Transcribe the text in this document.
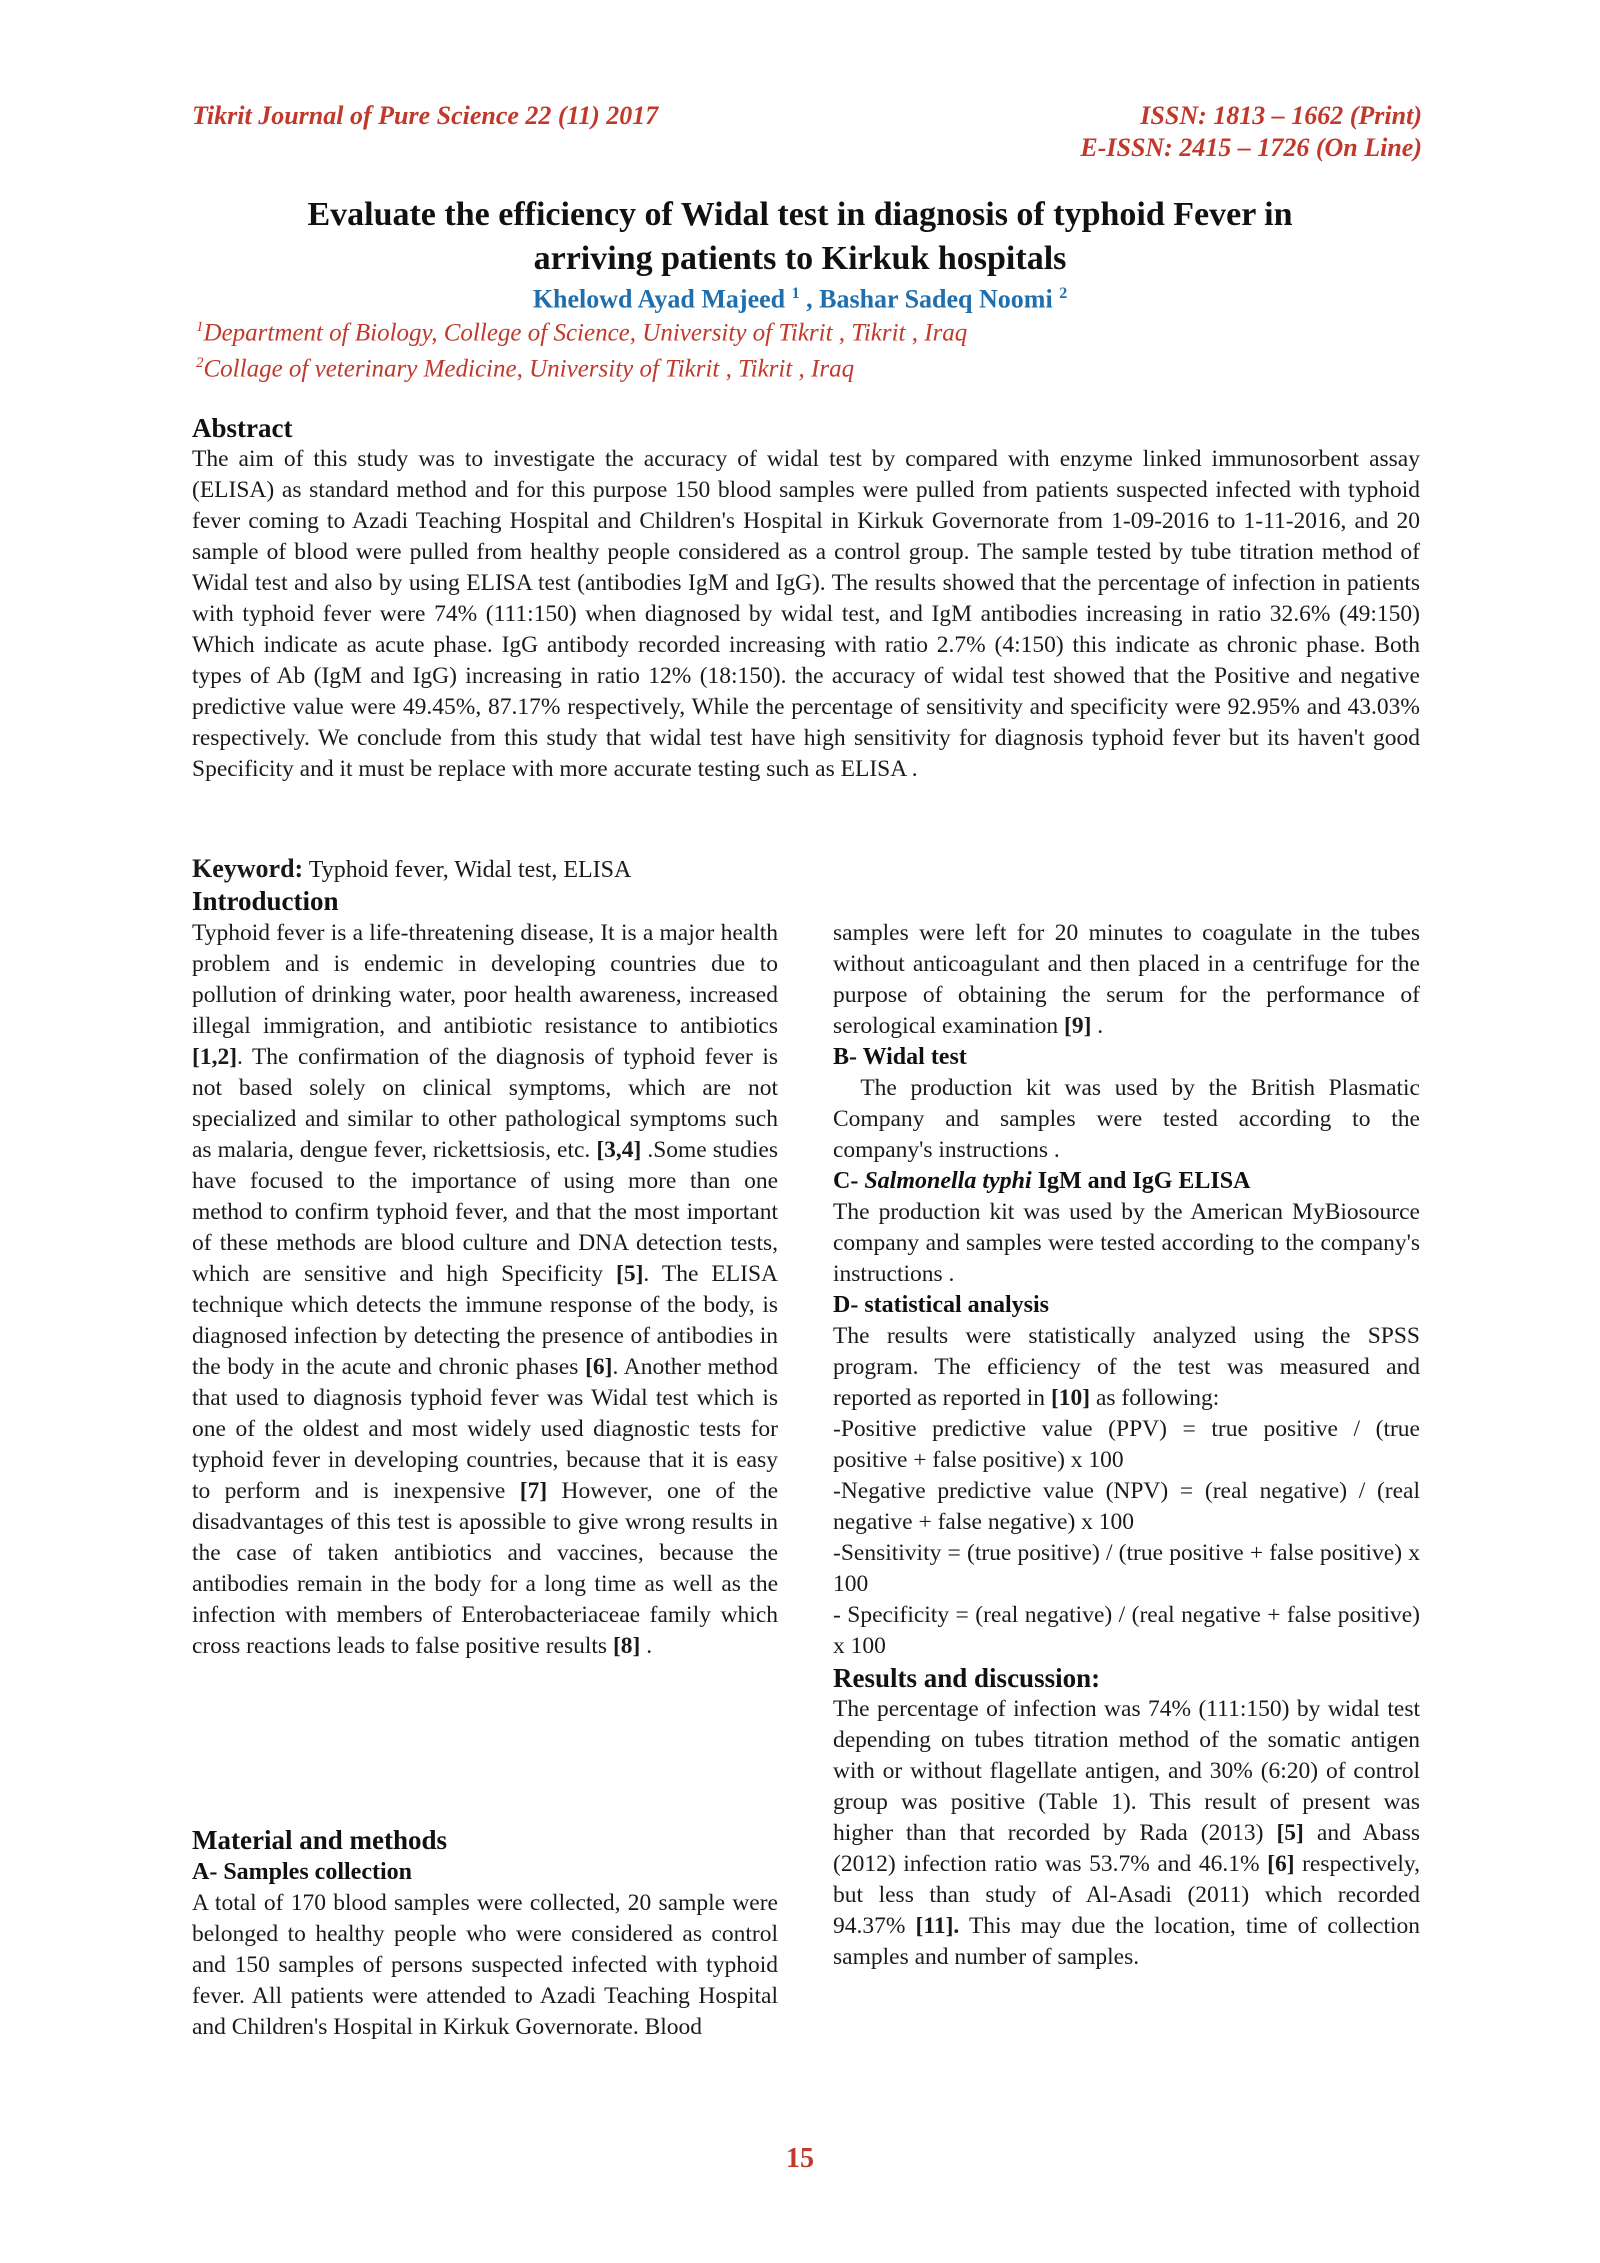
Tikrit Journal of Pure Science 22 (11) 2017	ISSN: 1813 – 1662 (Print)
E-ISSN: 2415 – 1726 (On Line)
Evaluate the efficiency of Widal test in diagnosis of typhoid Fever in
arriving patients to Kirkuk hospitals
Khelowd Ayad Majeed $^1$ , Bashar Sadeq Noomi $^2$
$^1$Department of Biology, College of Science, University of Tikrit , Tikrit , Iraq
$^2$Collage of veterinary Medicine, University of Tikrit , Tikrit , Iraq
Abstract

The aim of this study was to investigate the accuracy of widal test by compared with enzyme linked immunosorbent assay (ELISA) as standard method and for this purpose 150 blood samples were pulled from patients suspected infected with typhoid fever coming to Azadi Teaching Hospital and Children's Hospital in Kirkuk Governorate from 1-09-2016 to 1-11-2016, and 20 sample of blood were pulled from healthy people considered as a control group. The sample tested by tube titration method of Widal test and also by using ELISA test (antibodies IgM and IgG). The results showed that the percentage of infection in patients with typhoid fever were 74% (111:150) when diagnosed by widal test, and IgM antibodies increasing in ratio 32.6% (49:150) Which indicate as acute phase. IgG antibody recorded increasing with ratio 2.7% (4:150) this indicate as chronic phase. Both types of Ab (IgM and IgG) increasing in ratio 12% (18:150). the accuracy of widal test showed that the Positive and negative predictive value were 49.45%, 87.17% respectively, While the percentage of sensitivity and specificity were 92.95% and 43.03% respectively. We conclude from this study that widal test have high sensitivity for diagnosis typhoid fever but its haven't good Specificity and it must be replace with more accurate testing such as ELISA .

Keyword: Typhoid fever, Widal test, ELISA
Introduction

Typhoid fever is a life-threatening disease, It is a major health problem and is endemic in developing countries due to pollution of drinking water, poor health awareness, increased illegal immigration, and antibiotic resistance to antibiotics [1,2]. The confirmation of the diagnosis of typhoid fever is not based solely on clinical symptoms, which are not specialized and similar to other pathological symptoms such as malaria, dengue fever, rickettsiosis, etc. [3,4] .Some studies have focused to the importance of using more than one method to confirm typhoid fever, and that the most important of these methods are blood culture and DNA detection tests, which are sensitive and high Specificity [5]. The ELISA technique which detects the immune response of the body, is diagnosed infection by detecting the presence of antibodies in the body in the acute and chronic phases [6]. Another method that used to diagnosis typhoid fever was Widal test which is one of the oldest and most widely used diagnostic tests for typhoid fever in developing countries, because that it is easy to perform and is inexpensive [7] However, one of the disadvantages of this test is apossible to give wrong results in the case of taken antibiotics and vaccines, because the antibodies remain in the body for a long time as well as the infection with members of Enterobacteriaceae family which cross reactions leads to false positive results [8] .

Material and methods
A- Samples collection

A total of 170 blood samples were collected, 20 sample were belonged to healthy people who were considered as control and 150 samples of persons suspected infected with typhoid fever. All patients were attended to Azadi Teaching Hospital and Children's Hospital in Kirkuk Governorate. Blood

samples were left for 20 minutes to coagulate in the tubes without anticoagulant and then placed in a centrifuge for the purpose of obtaining the serum for the performance of serological examination [9] .

B- Widal test

The production kit was used by the British Plasmatic Company and samples were tested according to the company's instructions .

C- Salmonella typhi IgM and IgG ELISA

The production kit was used by the American MyBiosource company and samples were tested according to the company's instructions .

D- statistical analysis

The results were statistically analyzed using the SPSS program. The efficiency of the test was measured and reported as reported in [10] as following:

-Positive predictive value (PPV) = true positive / (true positive + false positive) x 100

-Negative predictive value (NPV) = (real negative) / (real negative + false negative) x 100

-Sensitivity = (true positive) / (true positive + false positive) x 100

- Specificity = (real negative) / (real negative + false positive) x 100

Results and discussion:

The percentage of infection was 74% (111:150) by widal test depending on tubes titration method of the somatic antigen with or without flagellate antigen, and 30% (6:20) of control group was positive (Table 1). This result of present was higher than that recorded by Rada (2013) [5] and Abass (2012) infection ratio was 53.7% and 46.1% [6] respectively, but less than study of Al-Asadi (2011) which recorded 94.37% [11]. This may due the location, time of collection samples and number of samples.

15
